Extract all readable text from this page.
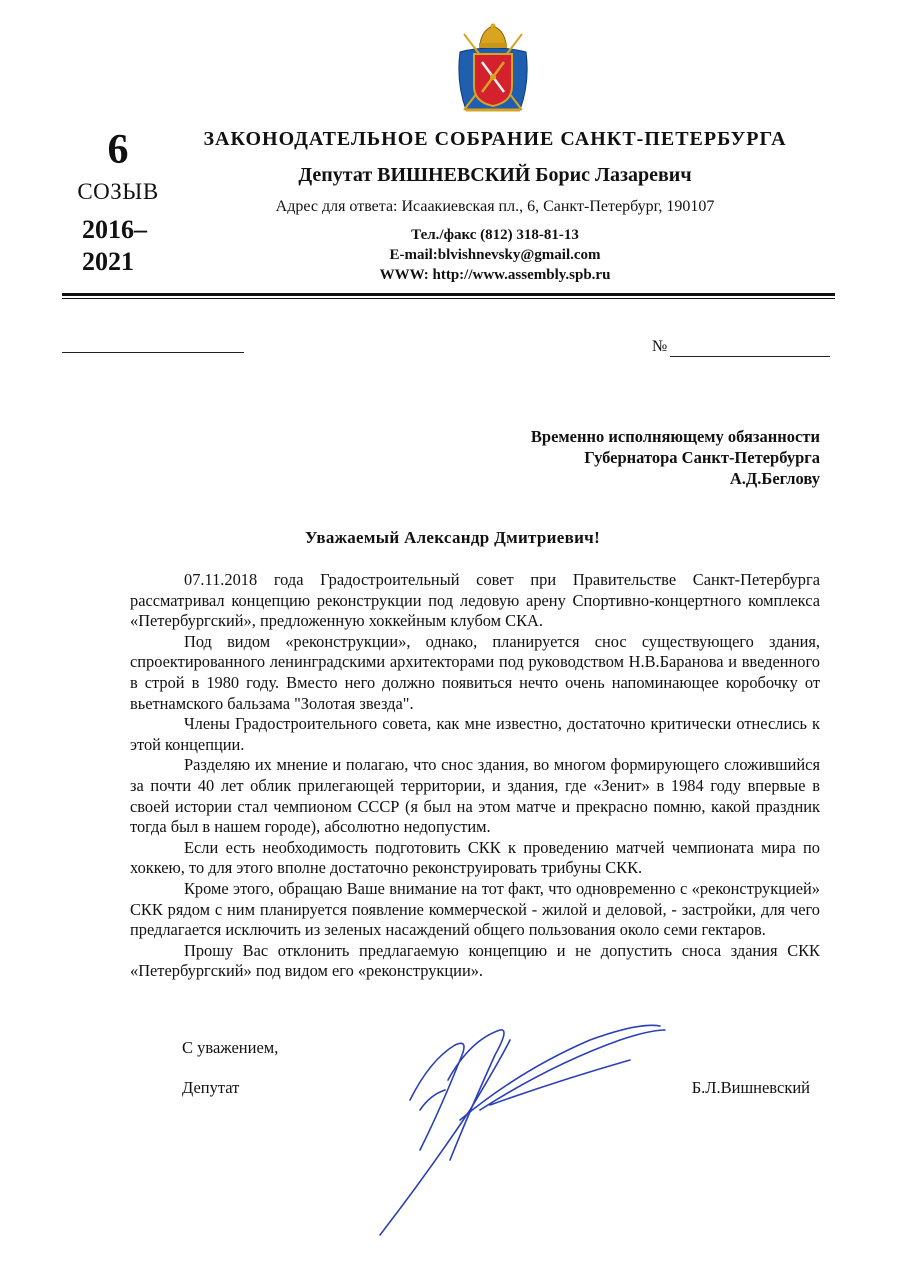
6
СОЗЫВ
2016–
2021
ЗАКОНОДАТЕЛЬНОЕ СОБРАНИЕ САНКТ-ПЕТЕРБУРГА
Депутат ВИШНЕВСКИЙ Борис Лазаревич
Адрес для ответа: Исаакиевская пл., 6, Санкт-Петербург, 190107
Тел./факс (812) 318-81-13
E-mail:blvishnevsky@gmail.com
WWW: http://www.assembly.spb.ru
№
Временно исполняющему обязанности
Губернатора Санкт-Петербурга
А.Д.Беглову
Уважаемый Александр Дмитриевич!

07.11.2018 года Градостроительный совет при Правительстве Санкт-Петербурга рассматривал концепцию реконструкции под ледовую арену Спортивно-концертного комплекса «Петербургский», предложенную хоккейным клубом СКА.

Под видом «реконструкции», однако, планируется снос существующего здания, спроектированного ленинградскими архитекторами под руководством Н.В.Баранова и введенного в строй в 1980 году. Вместо него должно появиться нечто очень напоминающее коробочку от вьетнамского бальзама "Золотая звезда".

Члены Градостроительного совета, как мне известно, достаточно критически отнеслись к этой концепции.

Разделяю их мнение и полагаю, что снос здания, во многом формирующего сложившийся за почти 40 лет облик прилегающей территории, и здания, где «Зенит» в 1984 году впервые в своей истории стал чемпионом СССР (я был на этом матче и прекрасно помню, какой праздник тогда был в нашем городе), абсолютно недопустим.

Если есть необходимость подготовить СКК к проведению матчей чемпионата мира по хоккею, то для этого вполне достаточно реконструировать трибуны СКК.

Кроме этого, обращаю Ваше внимание на тот факт, что одновременно с «реконструкцией» СКК рядом с ним планируется появление коммерческой - жилой и деловой, - застройки, для чего предлагается исключить из зеленых насаждений общего пользования около семи гектаров.

Прошу Вас отклонить предлагаемую концепцию и не допустить сноса здания СКК «Петербургский» под видом его «реконструкции».

С уважением,
Депутат	Б.Л.Вишневский
